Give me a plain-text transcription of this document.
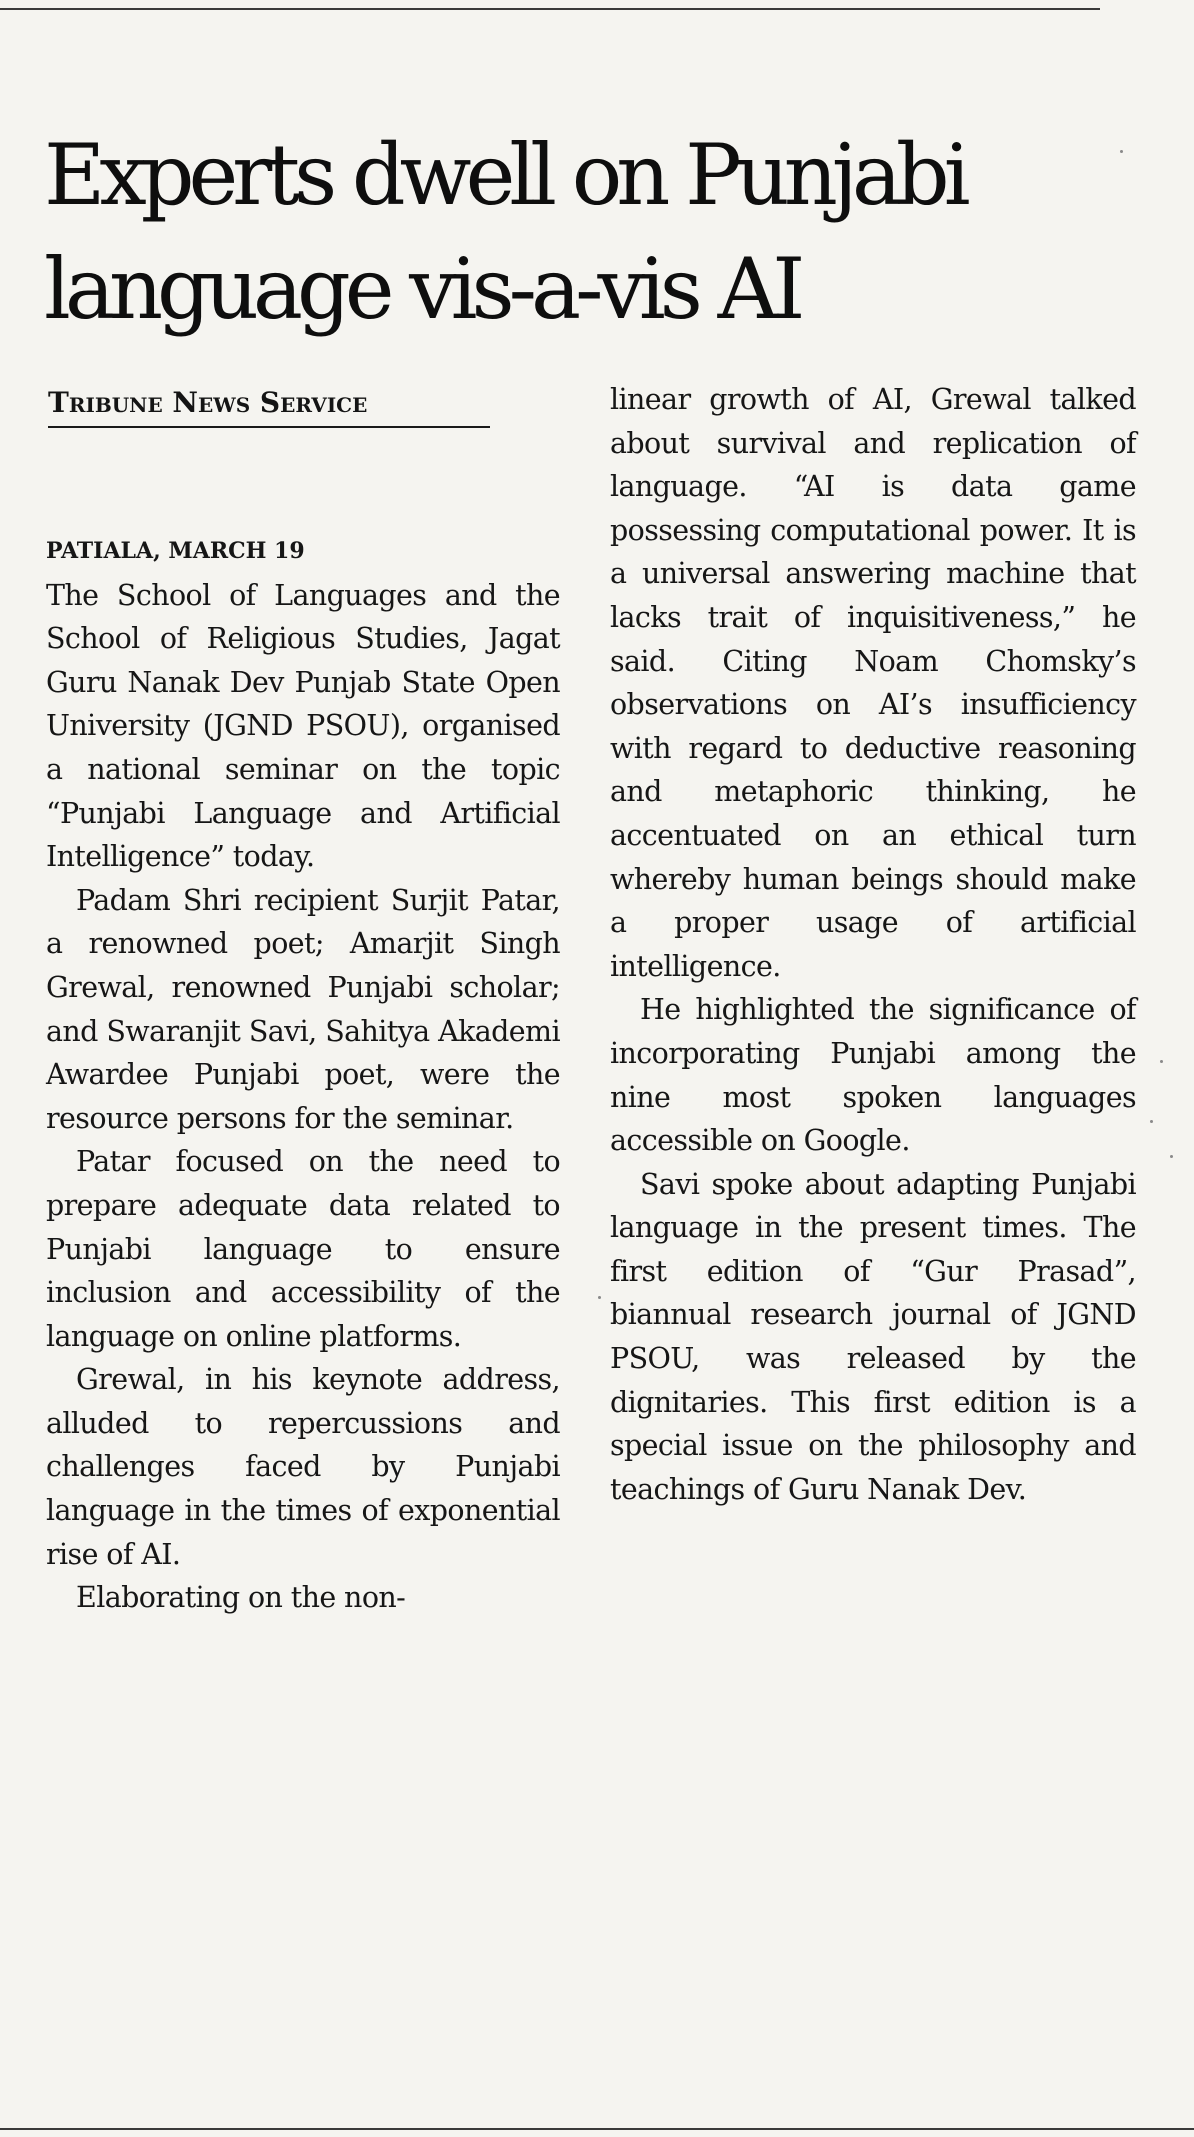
Experts dwell on Punjabi
language vis-a-vis AI
Tribune News Service
PATIALA, MARCH 19

The School of Languages and the School of Religious Studies, Jagat Guru Nanak Dev Punjab State Open University (JGND PSOU), organised a national seminar on the topic “Punjabi Language and Artificial Intelligence” today.

Padam Shri recipient Surjit Patar, a renowned poet; Amarjit Singh Grewal, renowned Punjabi scholar; and Swaranjit Savi, Sahitya Akademi Awardee Punjabi poet, were the resource persons for the seminar.

Patar focused on the need to prepare adequate data related to Punjabi language to ensure inclusion and accessibility of the language on online platforms.

Grewal, in his keynote address, alluded to repercussions and challenges faced by Punjabi language in the times of exponential rise of AI.

Elaborating on the non-

linear growth of AI, Grewal talked about survival and replication of language. “AI is data game possessing computational power. It is a universal answering machine that lacks trait of inquisitiveness,” he said. Citing Noam Chomsky’s observations on AI’s insufficiency with regard to deductive reasoning and metaphoric thinking, he accentuated on an ethical turn whereby human beings should make a proper usage of artificial intelligence.

He highlighted the significance of incorporating Punjabi among the nine most spoken languages accessible on Google.

Savi spoke about adapting Punjabi language in the present times. The first edition of “Gur Prasad”, biannual research journal of JGND PSOU, was released by the dignitaries. This first edition is a special issue on the philosophy and teachings of Guru Nanak Dev.
